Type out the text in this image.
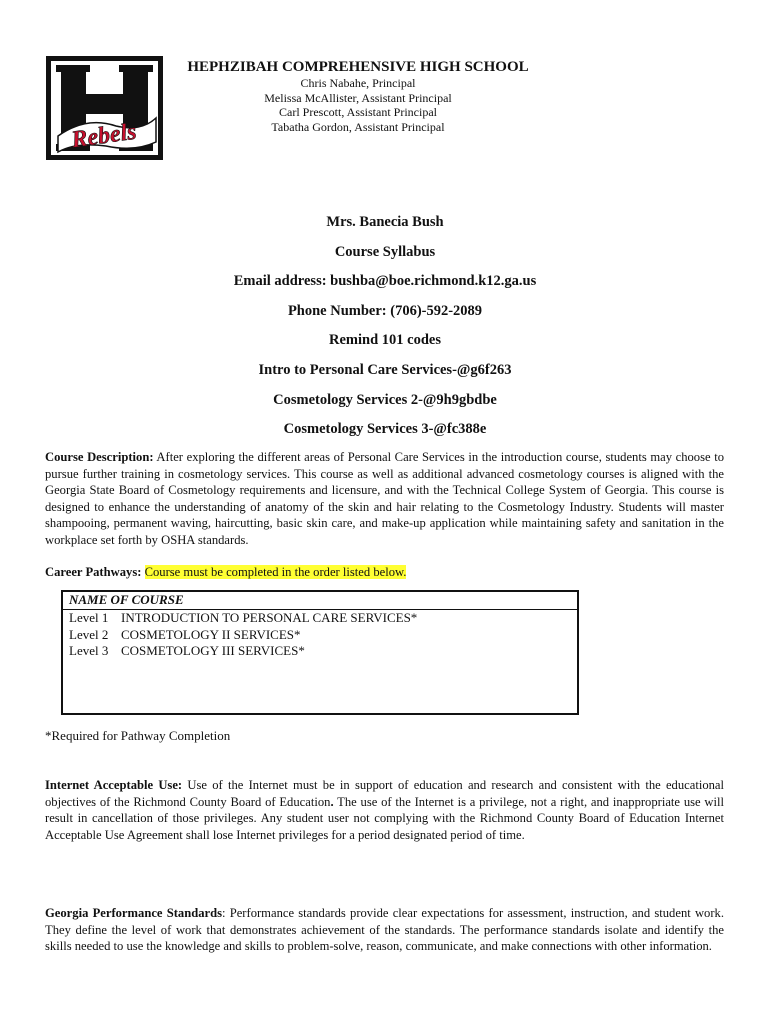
Rebels
HEPHZIBAH COMPREHENSIVE HIGH SCHOOL
Chris Nabahe, Principal
Melissa McAllister, Assistant Principal
Carl Prescott, Assistant Principal
Tabatha Gordon, Assistant Principal
Mrs. Banecia Bush
Course Syllabus
Email address: bushba@boe.richmond.k12.ga.us
Phone Number: (706)-592-2089
Remind 101 codes
Intro to Personal Care Services-@g6f263
Cosmetology Services 2-@9h9gbdbe
Cosmetology Services 3-@fc388e
Course Description: After exploring the different areas of Personal Care Services in the introduction course, students may choose to pursue further training in cosmetology services. This course as well as additional advanced cosmetology courses is aligned with the Georgia State Board of Cosmetology requirements and licensure, and with the Technical College System of Georgia. This course is designed to enhance the understanding of anatomy of the skin and hair relating to the Cosmetology Industry. Students will master shampooing, permanent waving, haircutting, basic skin care, and make-up application while maintaining safety and sanitation in the workplace set forth by OSHA standards.
Career Pathways: Course must be completed in the order listed below.
NAME OF COURSE
Level 1 INTRODUCTION TO PERSONAL CARE SERVICES*
Level 2 COSMETOLOGY II SERVICES*
Level 3 COSMETOLOGY III SERVICES*
*Required for Pathway Completion
Internet Acceptable Use: Use of the Internet must be in support of education and research and consistent with the educational objectives of the Richmond County Board of Education. The use of the Internet is a privilege, not a right, and inappropriate use will result in cancellation of those privileges. Any student user not complying with the Richmond County Board of Education Internet Acceptable Use Agreement shall lose Internet privileges for a period designated period of time.
Georgia Performance Standards: Performance standards provide clear expectations for assessment, instruction, and student work. They define the level of work that demonstrates achievement of the standards. The performance standards isolate and identify the skills needed to use the knowledge and skills to problem-solve, reason, communicate, and make connections with other information.
